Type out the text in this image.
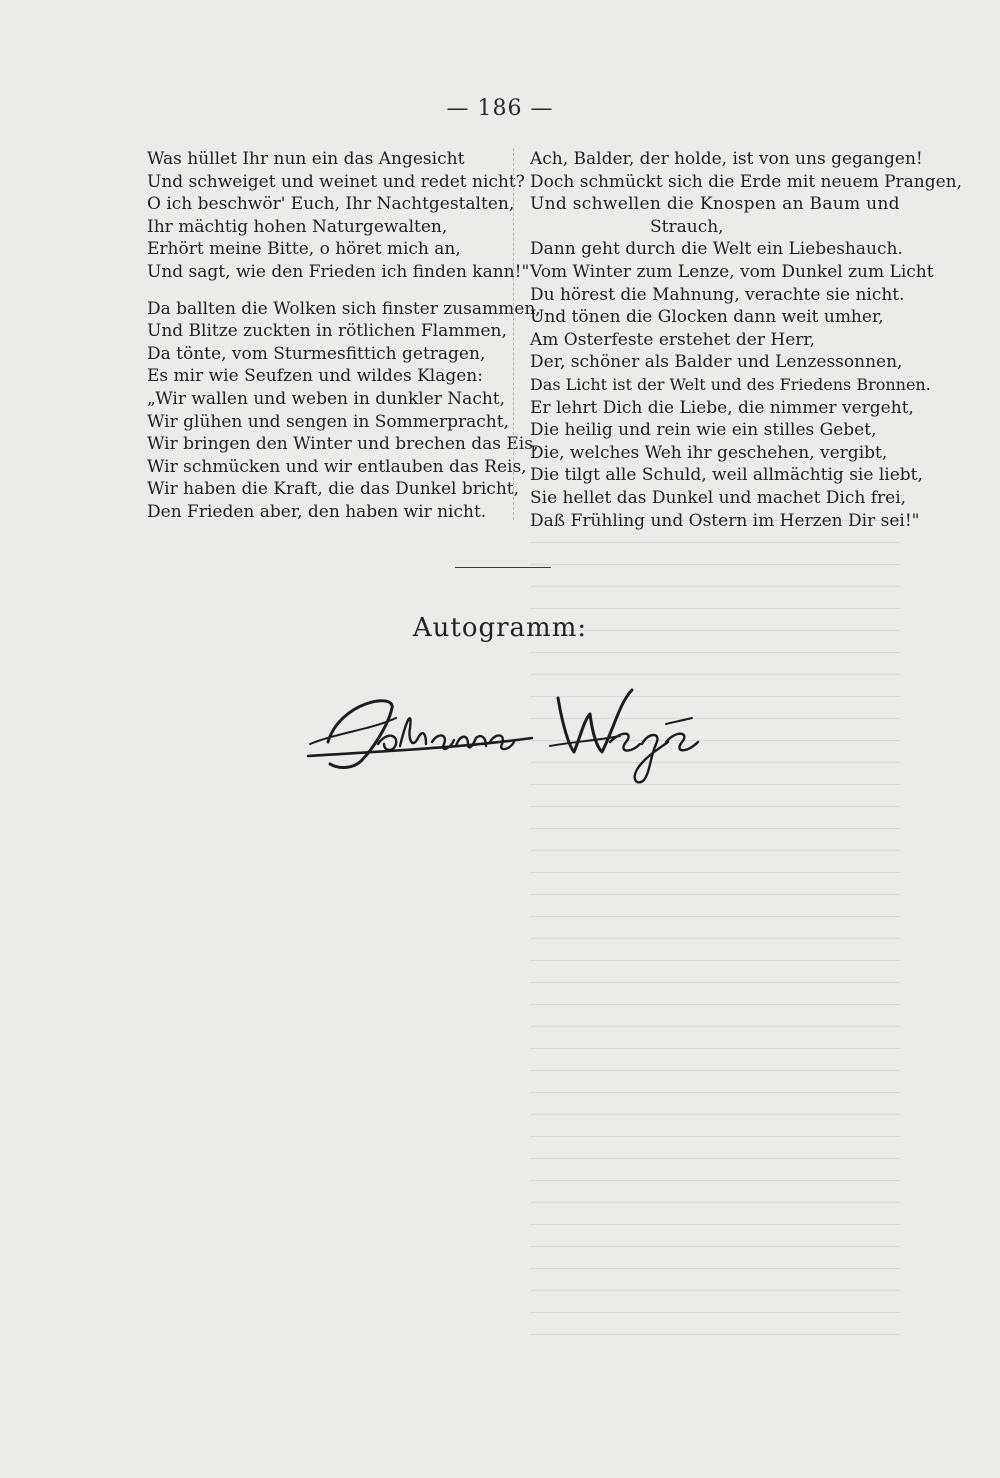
— 186 —
Was hüllet Ihr nun ein das Angesicht
Und schweiget und weinet und redet nicht?
O ich beschwör' Euch, Ihr Nachtgestalten,
Ihr mächtig hohen Naturgewalten,
Erhört meine Bitte, o höret mich an,
Und sagt, wie den Frieden ich finden kann!"
Da ballten die Wolken sich finster zusammen,
Und Blitze zuckten in rötlichen Flammen,
Da tönte, vom Sturmesfittich getragen,
Es mir wie Seufzen und wildes Klagen:
„Wir wallen und weben in dunkler Nacht,
Wir glühen und sengen in Sommerpracht,
Wir bringen den Winter und brechen das Eis,
Wir schmücken und wir entlauben das Reis,
Wir haben die Kraft, die das Dunkel bricht,
Den Frieden aber, den haben wir nicht.
Ach, Balder, der holde, ist von uns gegangen!
Doch schmückt sich die Erde mit neuem Prangen,
Und schwellen die Knospen an Baum und
Strauch,
Dann geht durch die Welt ein Liebeshauch.
Vom Winter zum Lenze, vom Dunkel zum Licht
Du hörest die Mahnung, verachte sie nicht.
Und tönen die Glocken dann weit umher,
Am Osterfeste erstehet der Herr,
Der, schöner als Balder und Lenzessonnen,
Das Licht ist der Welt und des Friedens Bronnen.
Er lehrt Dich die Liebe, die nimmer vergeht,
Die heilig und rein wie ein stilles Gebet,
Die, welches Weh ihr geschehen, vergibt,
Die tilgt alle Schuld, weil allmächtig sie liebt,
Sie hellet das Dunkel und machet Dich frei,
Daß Frühling und Ostern im Herzen Dir sei!"
Autogramm:
